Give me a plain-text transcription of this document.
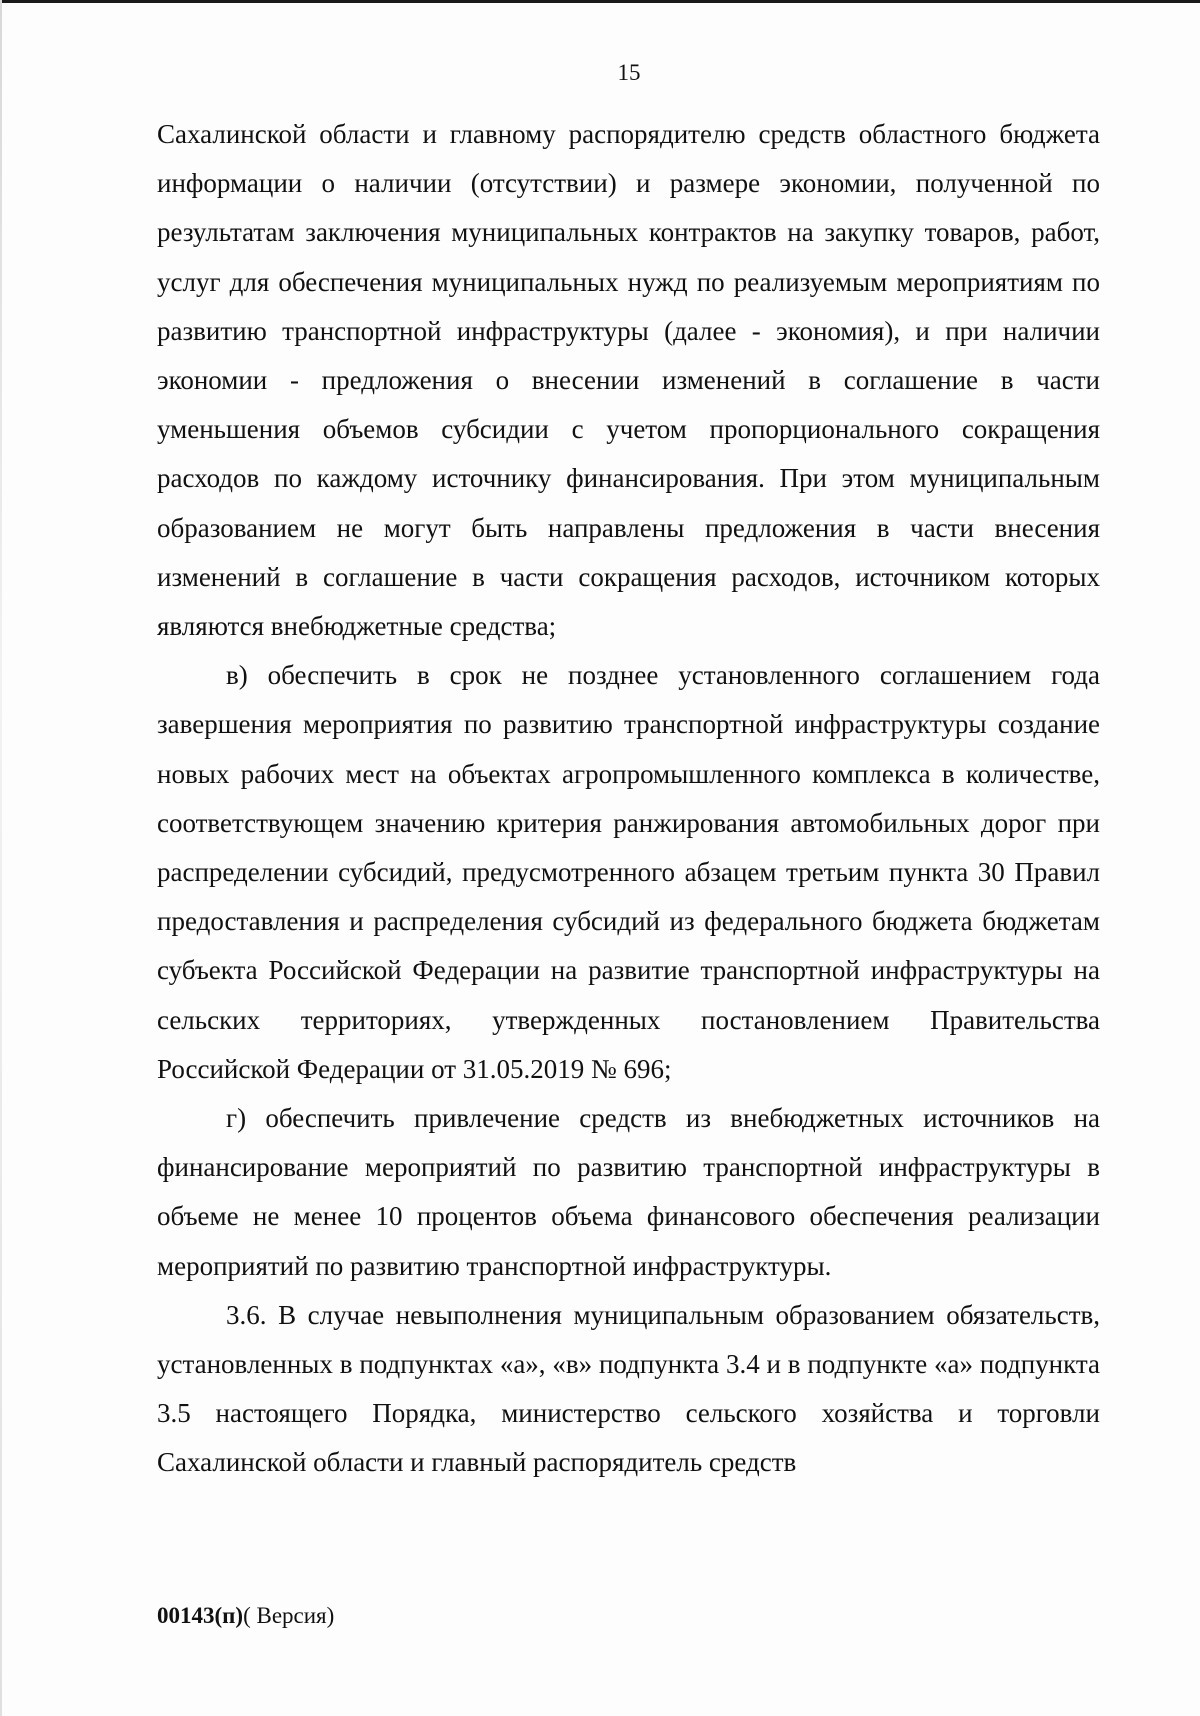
15

Сахалинской области и главному распорядителю средств областного бюджета информации о наличии (отсутствии) и размере экономии, полученной по результатам заключения муниципальных контрактов на закупку товаров, работ, услуг для обеспечения муниципальных нужд по реализуемым мероприятиям по развитию транспортной инфраструктуры (далее - экономия), и при наличии экономии - предложения о внесении изменений в соглашение в части уменьшения объемов субсидии с учетом пропорционального сокращения расходов по каждому источнику финансирования. При этом муниципальным образованием не могут быть направлены предложения в части внесения изменений в соглашение в части сокращения расходов, источником которых являются внебюджетные средства;

в) обеспечить в срок не позднее установленного соглашением года завершения мероприятия по развитию транспортной инфраструктуры создание новых рабочих мест на объектах агропромышленного комплекса в количестве, соответствующем значению критерия ранжирования автомобильных дорог при распределении субсидий, предусмотренного абзацем третьим пункта 30 Правил предоставления и распределения субсидий из федерального бюджета бюджетам субъекта Российской Федерации на развитие транспортной инфраструктуры на сельских территориях, утвержденных постановлением Правительства Российской Федерации от 31.05.2019 № 696;

г) обеспечить привлечение средств из внебюджетных источников на финансирование мероприятий по развитию транспортной инфраструктуры в объеме не менее 10 процентов объема финансового обеспечения реализации мероприятий по развитию транспортной инфраструктуры.

3.6. В случае невыполнения муниципальным образованием обязательств, установленных в подпунктах «а», «в» подпункта 3.4 и в подпункте «а» подпункта 3.5 настоящего Порядка, министерство сельского хозяйства и торговли Сахалинской области и главный распорядитель средств

00143(п)( Версия)
